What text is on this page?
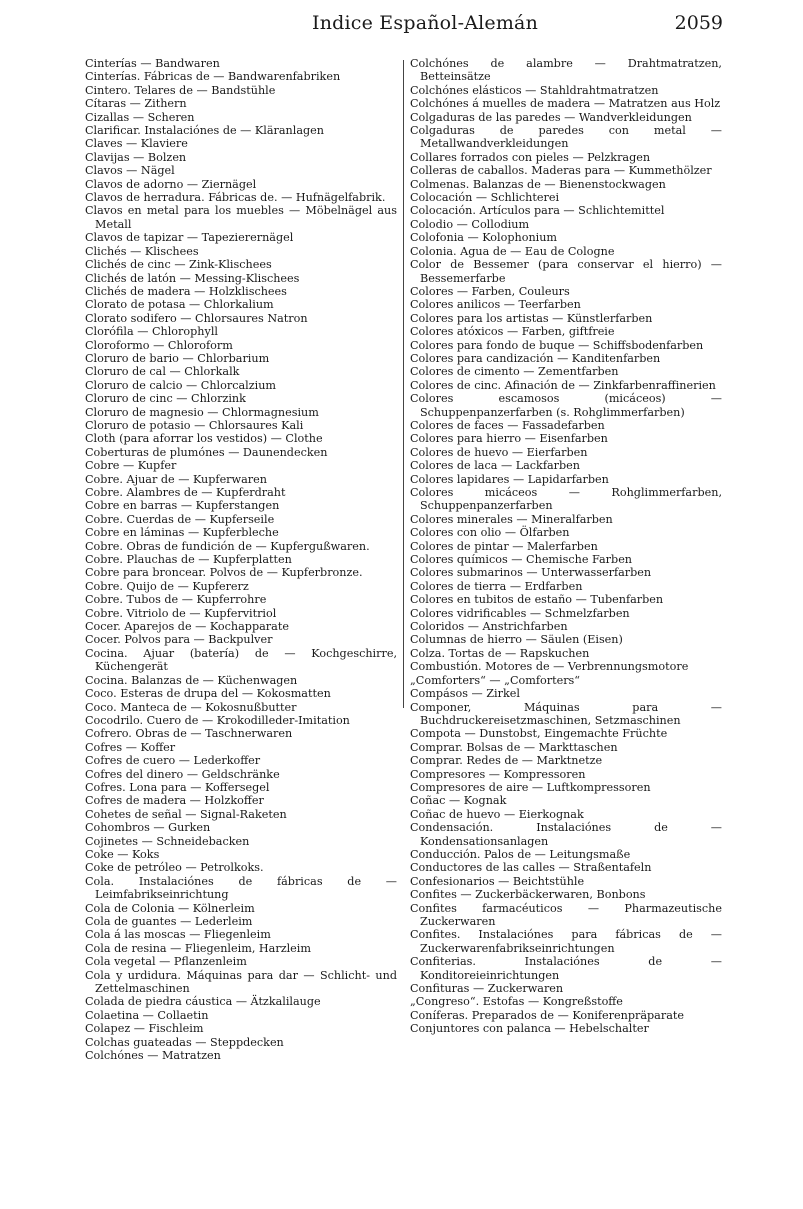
Indice Español-Alemán	2059

Cinterías — Bandwaren

Cinterías. Fábricas de — Bandwarenfabriken

Cintero. Telares de — Bandstühle

Cítaras — Zithern

Cizallas — Scheren

Clarificar. Instalaciónes de — Kläranlagen

Claves — Klaviere

Clavijas — Bolzen

Clavos — Nägel

Clavos de adorno — Ziernägel

Clavos de herradura. Fábricas de. — Hufnägelfabrik.

Clavos en metal para los muebles — Möbelnägel aus Metall

Clavos de tapizar — Tapezierernägel

Clichés — Klischees

Clichés de cinc — Zink-Klischees

Clichés de latón — Messing-Klischees

Clichés de madera — Holzklischees

Clorato de potasa — Chlorkalium

Clorato sodifero — Chlorsaures Natron

Clorófila — Chlorophyll

Cloroformo — Chloroform

Cloruro de bario — Chlorbarium

Cloruro de cal — Chlorkalk

Cloruro de calcio — Chlorcalzium

Cloruro de cinc — Chlorzink

Cloruro de magnesio — Chlormagnesium

Cloruro de potasio — Chlorsaures Kali

Cloth (para aforrar los vestidos) — Clothe

Coberturas de plumónes — Daunendecken

Cobre — Kupfer

Cobre. Ajuar de — Kupferwaren

Cobre. Alambres de — Kupferdraht

Cobre en barras — Kupferstangen

Cobre. Cuerdas de — Kupferseile

Cobre en láminas — Kupferbleche

Cobre. Obras de fundición de — Kupfergußwaren.

Cobre. Plauchas de — Kupferplatten

Cobre para broncear. Polvos de — Kupferbronze.

Cobre. Quijo de — Kupfererz

Cobre. Tubos de — Kupferrohre

Cobre. Vitriolo de — Kupfervitriol

Cocer. Aparejos de — Kochapparate

Cocer. Polvos para — Backpulver

Cocina. Ajuar (batería) de — Kochgeschirre, Küchengerät

Cocina. Balanzas de — Küchenwagen

Coco. Esteras de drupa del — Kokosmatten

Coco. Manteca de — Kokosnußbutter

Cocodrilo. Cuero de — Krokodilleder-Imitation

Cofrero. Obras de — Taschnerwaren

Cofres — Koffer

Cofres de cuero — Lederkoffer

Cofres del dinero — Geldschränke

Cofres. Lona para — Koffersegel

Cofres de madera — Holzkoffer

Cohetes de señal — Signal-Raketen

Cohombros — Gurken

Cojinetes — Schneidebacken

Coke — Koks

Coke de petróleo — Petrolkoks.

Cola. Instalaciónes de fábricas de — Leimfabrikseinrichtung

Cola de Colonia — Kölnerleim

Cola de guantes — Lederleim

Cola á las moscas — Fliegenleim

Cola de resina — Fliegenleim, Harzleim

Cola vegetal — Pflanzenleim

Cola y urdidura. Máquinas para dar — Schlicht- und Zettelmaschinen

Colada de piedra cáustica — Ätzkalilauge

Colaetina — Collaetin

Colapez — Fischleim

Colchas guateadas — Steppdecken

Colchónes — Matratzen

Colchónes de alambre — Drahtmatratzen, Betteinsätze

Colchónes elásticos — Stahldrahtmatratzen

Colchónes á muelles de madera — Matratzen aus Holz

Colgaduras de las paredes — Wandverkleidungen

Colgaduras de paredes con metal — Metallwandverkleidungen

Collares forrados con pieles — Pelzkragen

Colleras de caballos. Maderas para — Kummethölzer

Colmenas. Balanzas de — Bienenstockwagen

Colocación — Schlichterei

Colocación. Artículos para — Schlichtemittel

Colodio — Collodium

Colofonia — Kolophonium

Colonia. Agua de — Eau de Cologne

Color de Bessemer (para conservar el hierro) — Bessemerfarbe

Colores — Farben, Couleurs

Colores anilicos — Teerfarben

Colores para los artistas — Künstlerfarben

Colores atóxicos — Farben, giftfreie

Colores para fondo de buque — Schiffsbodenfarben

Colores para candización — Kanditenfarben

Colores de cimento — Zementfarben

Colores de cinc. Afinación de — Zinkfarbenraffinerien

Colores escamosos (micáceos) — Schuppenpanzerfarben (s. Rohglimmerfarben)

Colores de faces — Fassadefarben

Colores para hierro — Eisenfarben

Colores de huevo — Eierfarben

Colores de laca — Lackfarben

Colores lapidares — Lapidarfarben

Colores micáceos — Rohglimmerfarben, Schuppenpanzerfarben

Colores minerales — Mineralfarben

Colores con olio — Ölfarben

Colores de pintar — Malerfarben

Colores químicos — Chemische Farben

Colores submarinos — Unterwasserfarben

Colores de tierra — Erdfarben

Colores en tubitos de estaño — Tubenfarben

Colores vidrificables — Schmelzfarben

Coloridos — Anstrichfarben

Columnas de hierro — Säulen (Eisen)

Colza. Tortas de — Rapskuchen

Combustión. Motores de — Verbrennungsmotore

„Comforters“ — „Comforters“

Compásos — Zirkel

Componer, Máquinas para — Buchdruckereisetzmaschinen, Setzmaschinen

Compota — Dunstobst, Eingemachte Früchte

Comprar. Bolsas de — Markttaschen

Comprar. Redes de — Marktnetze

Compresores — Kompressoren

Compresores de aire — Luftkompressoren

Coñac — Kognak

Coñac de huevo — Eierkognak

Condensación. Instalaciónes de — Kondensationsanlagen

Conducción. Palos de — Leitungsmaße

Conductores de las calles — Straßentafeln

Confesionarios — Beichtstühle

Confites — Zuckerbäckerwaren, Bonbons

Confites farmacéuticos — Pharmazeutische Zuckerwaren

Confites. Instalaciónes para fábricas de — Zuckerwarenfabrikseinrichtungen

Confiterias. Instalaciónes de — Konditoreieinrichtungen

Confituras — Zuckerwaren

„Congreso“. Estofas — Kongreßstoffe

Coníferas. Preparados de — Koniferenpräparate

Conjuntores con palanca — Hebelschalter
